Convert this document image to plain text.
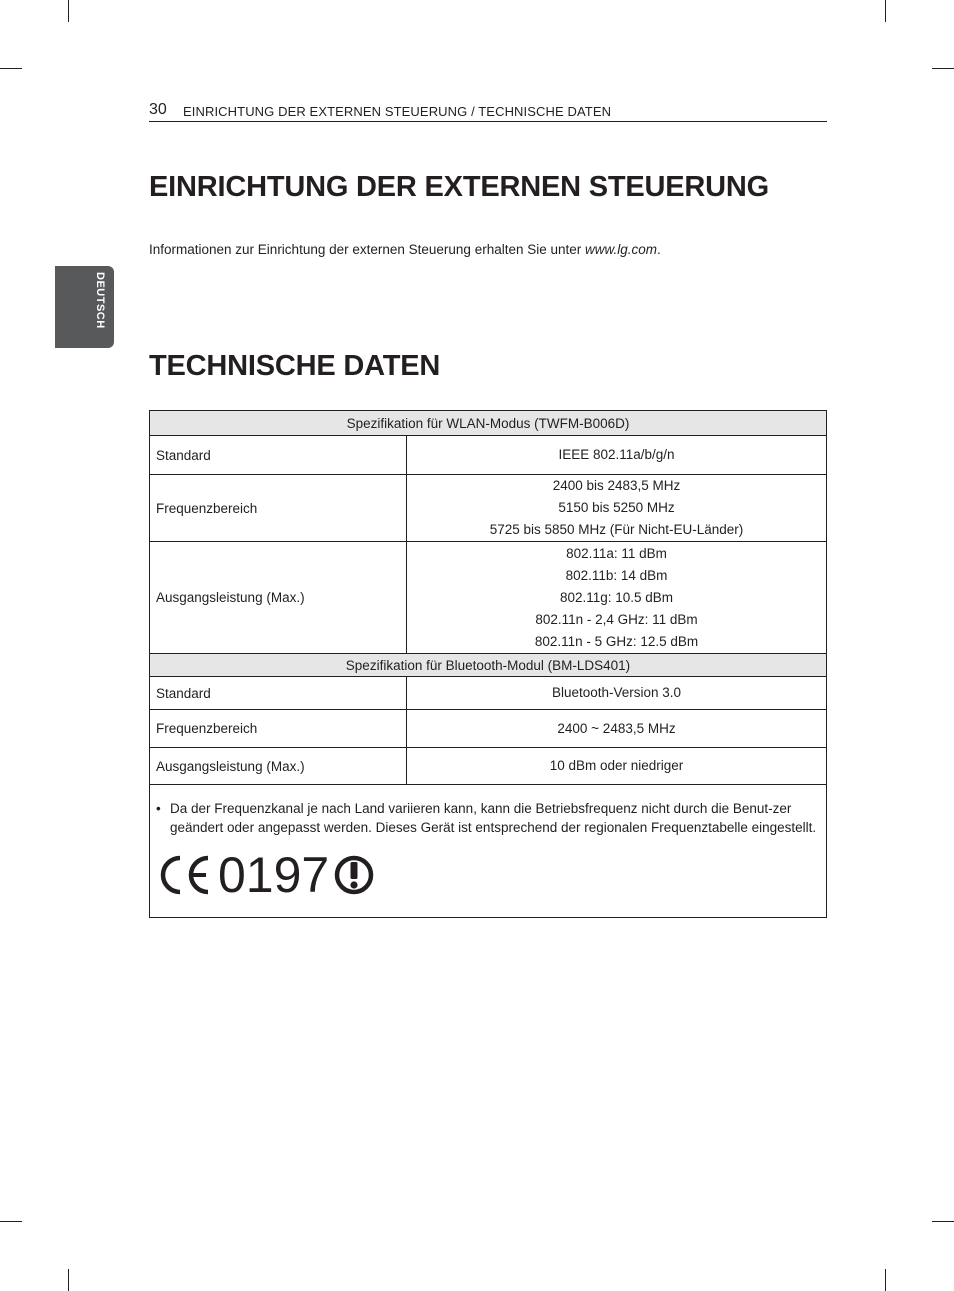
30 EINRICHTUNG DER EXTERNEN STEUERUNG / TECHNISCHE DATEN
DEUTSCH
EINRICHTUNG DER EXTERNEN STEUERUNG
Informationen zur Einrichtung der externen Steuerung erhalten Sie unter www.lg.com.
TECHNISCHE DATEN
Spezifikation für WLAN-Modus (TWFM-B006D)	
Standard	IEEE 802.11a/b/g/n

Frequenzbereich	2400 bis 2483,5 MHz
5150 bis 5250 MHz
5725 bis 5850 MHz (Für Nicht-EU-Länder)

Ausgangsleistung (Max.)	802.11a: 11 dBm
802.11b: 14 dBm
802.11g: 10.5 dBm
802.11n - 2,4 GHz: 11 dBm
802.11n - 5 GHz: 12.5 dBm

Spezifikation für Bluetooth-Modul (BM-LDS401)	
Standard	Bluetooth-Version 3.0
Frequenzbereich	2400 ~ 2483,5 MHz
Ausgangsleistung (Max.)	10 dBm oder niedriger

• Da der Frequenzkanal je nach Land variieren kann, kann die Betriebsfrequenz nicht durch die Benut-zer geändert oder angepasst werden. Dieses Gerät ist entsprechend der regionalen Frequenztabelle eingestellt.
0197	
